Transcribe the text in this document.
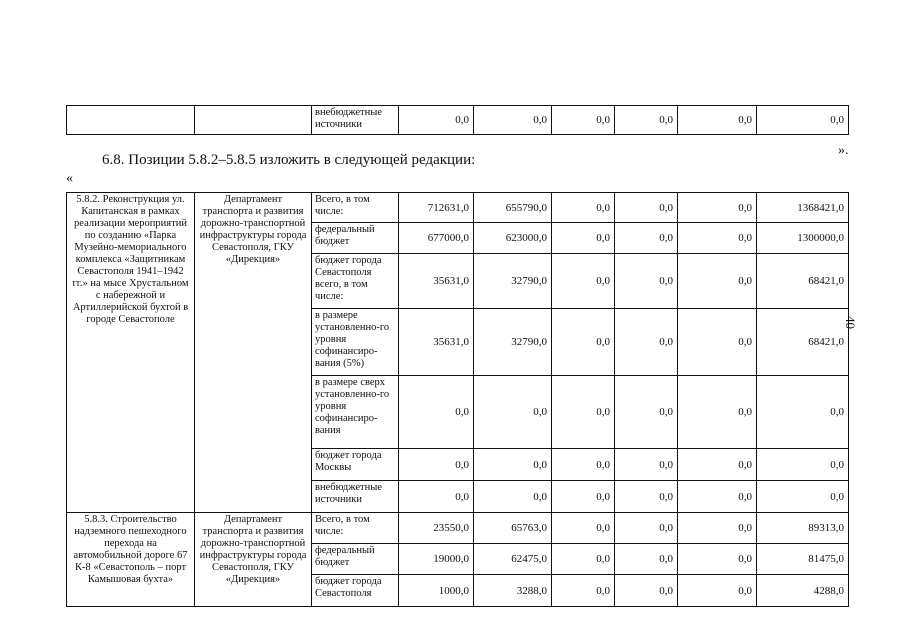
		внебюджетные источники	0,0	0,0	0,0	0,0	0,0	0,0
».
6.8. Позиции 5.8.2–5.8.5 изложить в следующей редакции:
«
40
5.8.2. Реконструкция ул. Капитанская в рамках реализации мероприятий по созданию «Парка Музейно-мемориального комплекса «Защитникам Севастополя 1941–1942 гг.» на мысе Хрустальном с набережной и Артиллерийской бухтой в городе Севастополе	Департамент транспорта и развития дорожно-транспортной инфраструктуры города Севастополя, ГКУ «Дирекция»	Всего, в том числе:	712631,0	655790,0	0,0	0,0	0,0	1368421,0
		федеральный бюджет	677000,0	623000,0	0,0	0,0	0,0	1300000,0
		бюджет города Севастополя всего, в том числе:	35631,0	32790,0	0,0	0,0	0,0	68421,0
		в размере установленно-го уровня софинансиро-вания (5%)	35631,0	32790,0	0,0	0,0	0,0	68421,0
		в размере сверх установленно-го уровня софинансиро-вания	0,0	0,0	0,0	0,0	0,0	0,0
		бюджет города Москвы	0,0	0,0	0,0	0,0	0,0	0,0
		внебюджетные источники	0,0	0,0	0,0	0,0	0,0	0,0
5.8.3. Строительство надземного пешеходного перехода на автомобильной дороге 67 К-8 «Севастополь – порт Камышовая бухта»	Департамент транспорта и развития дорожно-транспортной инфраструктуры города Севастополя, ГКУ «Дирекция»	Всего, в том числе:	23550,0	65763,0	0,0	0,0	0,0	89313,0
		федеральный бюджет	19000,0	62475,0	0,0	0,0	0,0	81475,0
		бюджет города Севастополя	1000,0	3288,0	0,0	0,0	0,0	4288,0
